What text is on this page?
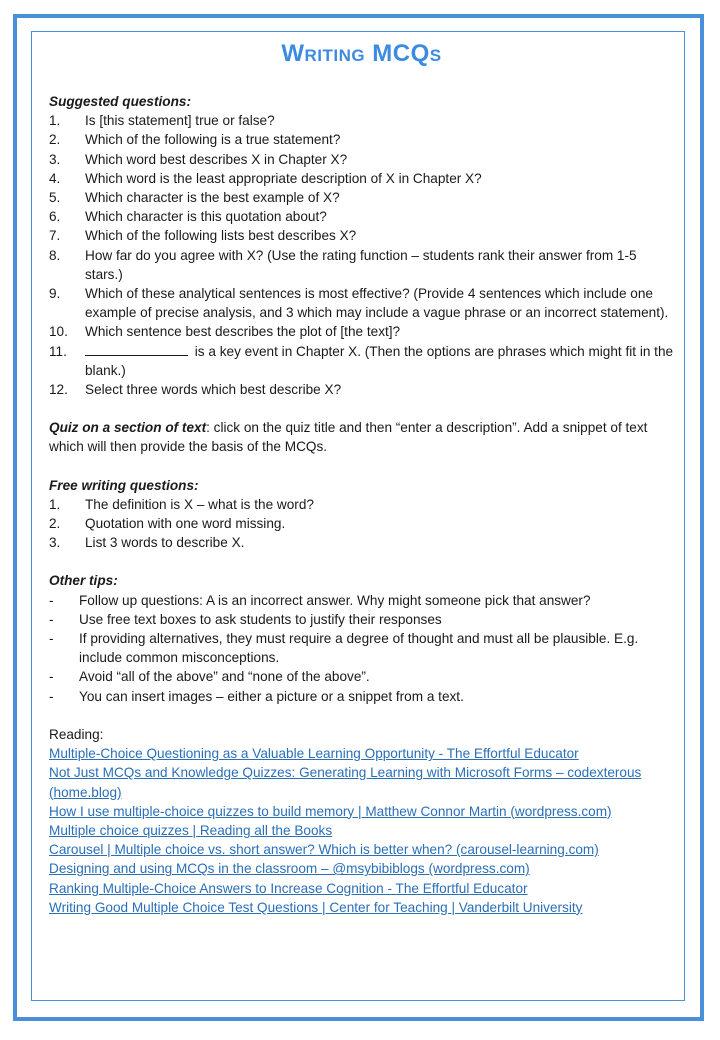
Writing MCQs
Suggested questions:
1.	Is [this statement] true or false?
2.	Which of the following is a true statement?
3.	Which word best describes X in Chapter X?
4.	Which word is the least appropriate description of X in Chapter X?
5.	Which character is the best example of X?
6.	Which character is this quotation about?
7.	Which of the following lists best describes X?
8.	How far do you agree with X? (Use the rating function – students rank their answer from 1-5 stars.)
9.	Which of these analytical sentences is most effective? (Provide 4 sentences which include one example of precise analysis, and 3 which may include a vague phrase or an incorrect statement).
10.	Which sentence best describes the plot of [the text]?
11.	is a key event in Chapter X. (Then the options are phrases which might fit in the blank.)
12.	Select three words which best describe X?
Quiz on a section of text: click on the quiz title and then “enter a description”. Add a snippet of text which will then provide the basis of the MCQs.
Free writing questions:
1.	The definition is X – what is the word?
2.	Quotation with one word missing.
3.	List 3 words to describe X.
Other tips:
-	Follow up questions: A is an incorrect answer. Why might someone pick that answer?
-	Use free text boxes to ask students to justify their responses
-	If providing alternatives, they must require a degree of thought and must all be plausible. E.g. include common misconceptions.
-	Avoid “all of the above” and “none of the above”.
-	You can insert images – either a picture or a snippet from a text.
Reading:
Multiple-Choice Questioning as a Valuable Learning Opportunity - The Effortful Educator
Not Just MCQs and Knowledge Quizzes: Generating Learning with Microsoft Forms – codexterous (home.blog)
How I use multiple-choice quizzes to build memory | Matthew Connor Martin (wordpress.com)
Multiple choice quizzes | Reading all the Books
Carousel | Multiple choice vs. short answer? Which is better when? (carousel-learning.com)
Designing and using MCQs in the classroom – @msybibiblogs (wordpress.com)
Ranking Multiple-Choice Answers to Increase Cognition - The Effortful Educator
Writing Good Multiple Choice Test Questions | Center for Teaching | Vanderbilt University
